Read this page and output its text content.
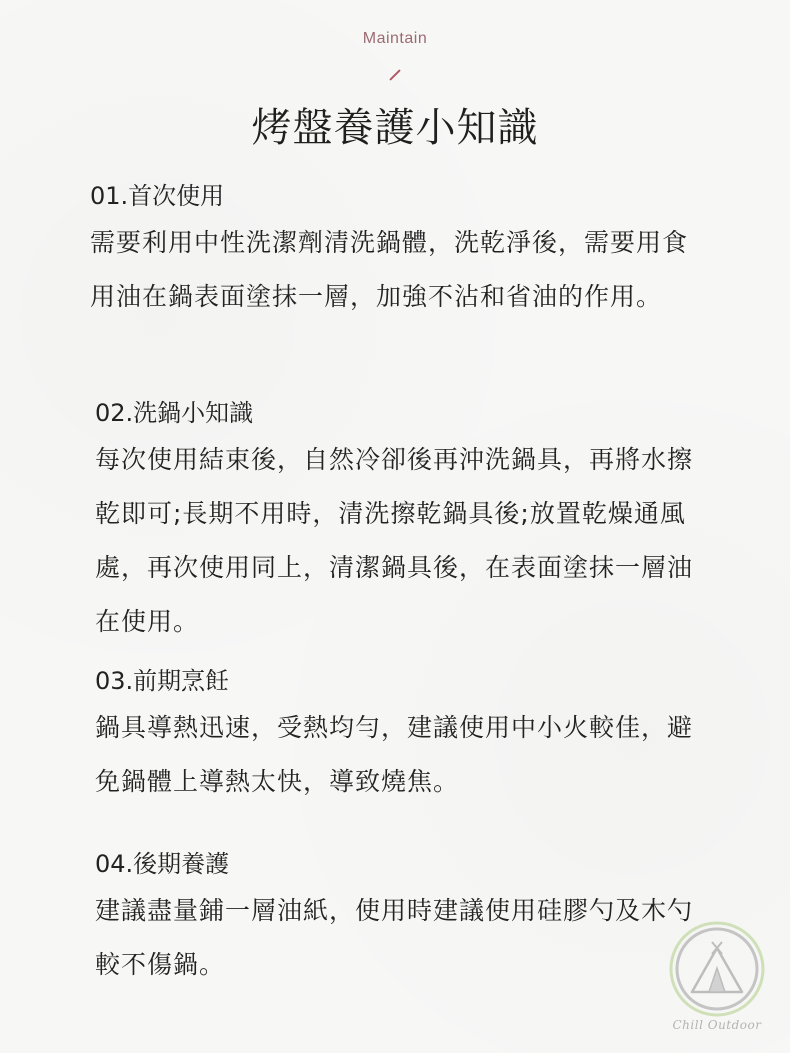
Maintain
烤盤養護小知識
01.首次使用

需要利用中性洗潔劑清洗鍋體，洗乾淨後，需要用食用油在鍋表面塗抹一層，加強不沾和省油的作用。

02.洗鍋小知識

每次使用結束後，自然冷卻後再沖洗鍋具，再將水擦乾即可;長期不用時，清洗擦乾鍋具後;放置乾燥通風處，再次使用同上，清潔鍋具後，在表面塗抹一層油在使用。

03.前期烹飪

鍋具導熱迅速，受熱均勻，建議使用中小火較佳，避免鍋體上導熱太快，導致燒焦。

04.後期養護

建議盡量鋪一層油紙，使用時建議使用硅膠勺及木勺較不傷鍋。

Chill Outdoor
